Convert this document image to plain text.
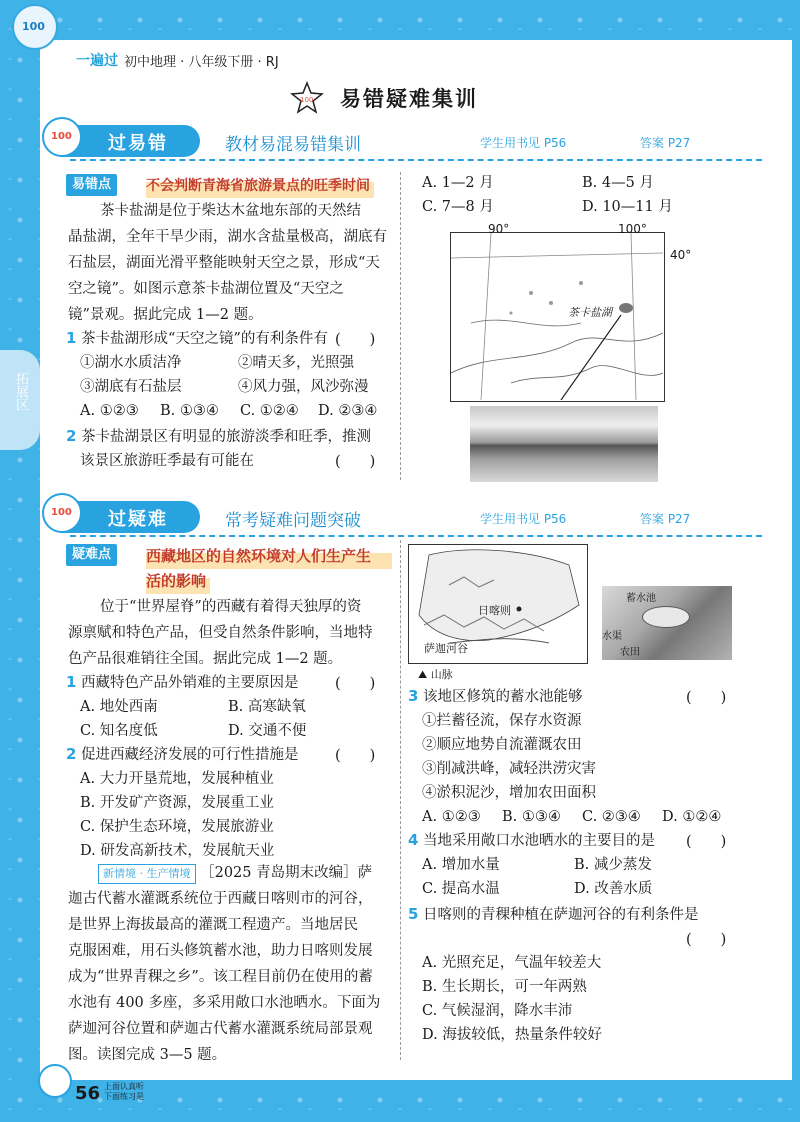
100
一遍过 初中地理 · 八年级下册 · RJ
100 易错疑难集训
拓展区
100
过易错	教材易混易错集训	学生用书见 P56	答案 P27
易错点	不会判断青海省旅游景点的旺季时间
茶卡盐湖是位于柴达木盆地东部的天然结
晶盐湖，全年干旱少雨，湖水含盐量极高，湖底有
石盐层，湖面光滑平整能映射天空之景，形成“天
空之镜”。如图示意茶卡盐湖位置及“天空之
镜”景观。据此完成 1—2 题。
1 茶卡盐湖形成“天空之镜”的有利条件有 (　　)
①湖水水质洁净	②晴天多，光照强
③湖底有石盐层	④风力强，风沙弥漫
A. ①②③ B. ①③④ C. ①②④ D. ②③④
2 茶卡盐湖景区有明显的旅游淡季和旺季，推测
该景区旅游旺季最有可能在	(　　)
A. 1—2 月	B. 4—5 月
C. 7—8 月	D. 10—11 月
90°	100°
40°
茶卡盐湖
100
过疑难	常考疑难问题突破	学生用书见 P56	答案 P27
疑难点	西藏地区的自然环境对人们生产生
活的影响
位于“世界屋脊”的西藏有着得天独厚的资
源禀赋和特色产品，但受自然条件影响，当地特
色产品很难销往全国。据此完成 1—2 题。
1 西藏特色产品外销难的主要原因是	(　　)
A. 地处西南	B. 高寒缺氧
C. 知名度低	D. 交通不便
2 促进西藏经济发展的可行性措施是	(　　)
A. 大力开垦荒地，发展种植业
B. 开发矿产资源，发展重工业
C. 保护生态环境，发展旅游业
D. 研发高新技术，发展航天业
新情境 · 生产情境 ［2025 青岛期末改编］萨
迦古代蓄水灌溉系统位于西藏日喀则市的河谷，
是世界上海拔最高的灌溉工程遗产。当地居民
克服困难，用石头修筑蓄水池，助力日喀则发展
成为“世界青稞之乡”。该工程目前仍在使用的蓄
水池有 400 多座，多采用敞口水池晒水。下面为
萨迦河谷位置和萨迦古代蓄水灌溉系统局部景观
图。读图完成 3—5 题。
日喀则
萨迦河谷
⛰ 山脉
蓄水池
水渠
农田
3 该地区修筑的蓄水池能够	(　　)
①拦蓄径流，保存水资源
②顺应地势自流灌溉农田
③削减洪峰，减轻洪涝灾害
④淤积泥沙，增加农田面积
A. ①②③ B. ①③④ C. ②③④ D. ①②④
4 当地采用敞口水池晒水的主要目的是 (　　)
A. 增加水量	B. 减少蒸发
C. 提高水温	D. 改善水质
5 日喀则的青稞种植在萨迦河谷的有利条件是
(　　)
A. 光照充足，气温年较差大
B. 生长期长，可一年两熟
C. 气候湿润，降水丰沛
D. 海拔较低，热量条件较好
56 上面认真听
下面练习是
